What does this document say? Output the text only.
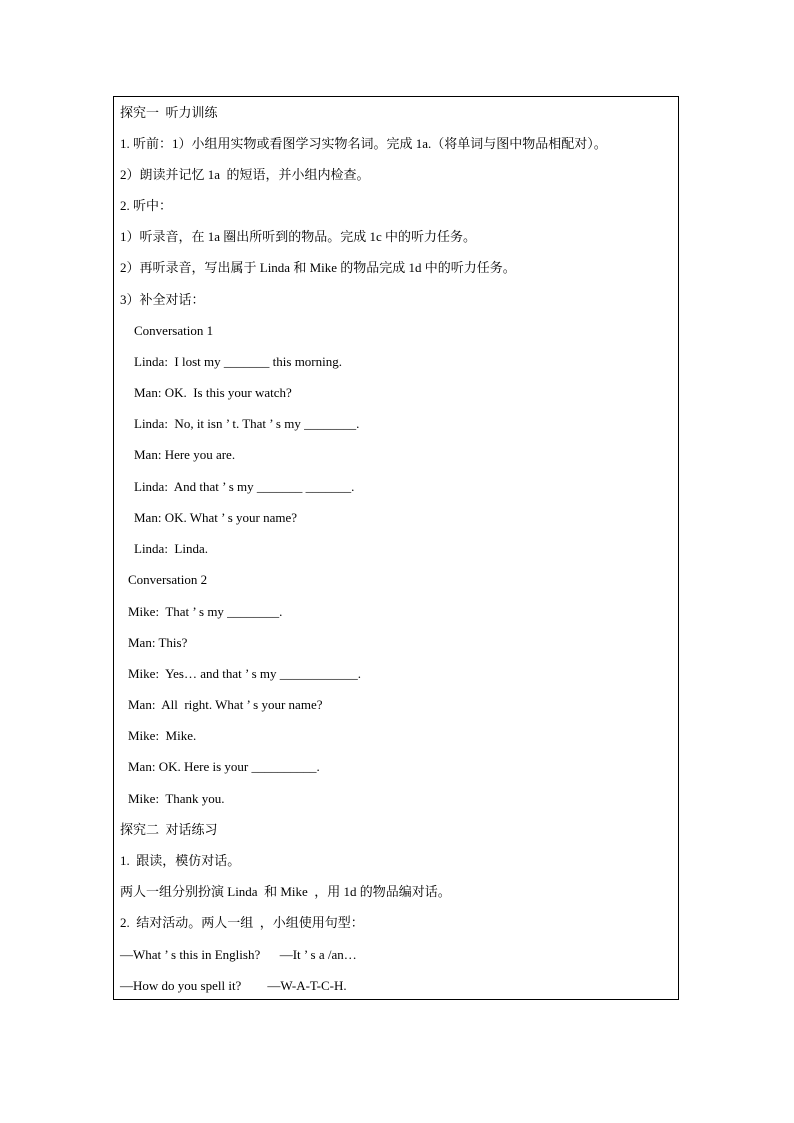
探究一  听力训练
1. 听前：1）小组用实物或看图学习实物名词。完成 1a.（将单词与图中物品相配对）。
2）朗读并记忆 1a  的短语，并小组内检查。
2. 听中：
1）听录音，在 1a 圈出所听到的物品。完成 1c 中的听力任务。
2）再听录音，写出属于 Linda 和 Mike 的物品完成 1d 中的听力任务。
3）补全对话：
Conversation 1
Linda:  I lost my _______ this morning.
Man: OK.  Is this your watch?
Linda:  No, it isn ’ t. That ’ s my ________.
Man: Here you are.
Linda:  And that ’ s my _______ _______.
Man: OK. What ’ s your name?
Linda:  Linda.
Conversation 2
Mike:  That ’ s my ________.
Man: This?
Mike:  Yes… and that ’ s my ____________.
Man:  All  right. What ’ s your name?
Mike:  Mike.
Man: OK. Here is your __________.
Mike:  Thank you.
探究二  对话练习
1.  跟读，模仿对话。
两人一组分别扮演 Linda  和 Mike  ，用 1d 的物品编对话。
2.  结对活动。两人一组  ，小组使用句型：
—What ’ s this in English?      —It ’ s a /an…
—How do you spell it?        —W-A-T-C-H.
